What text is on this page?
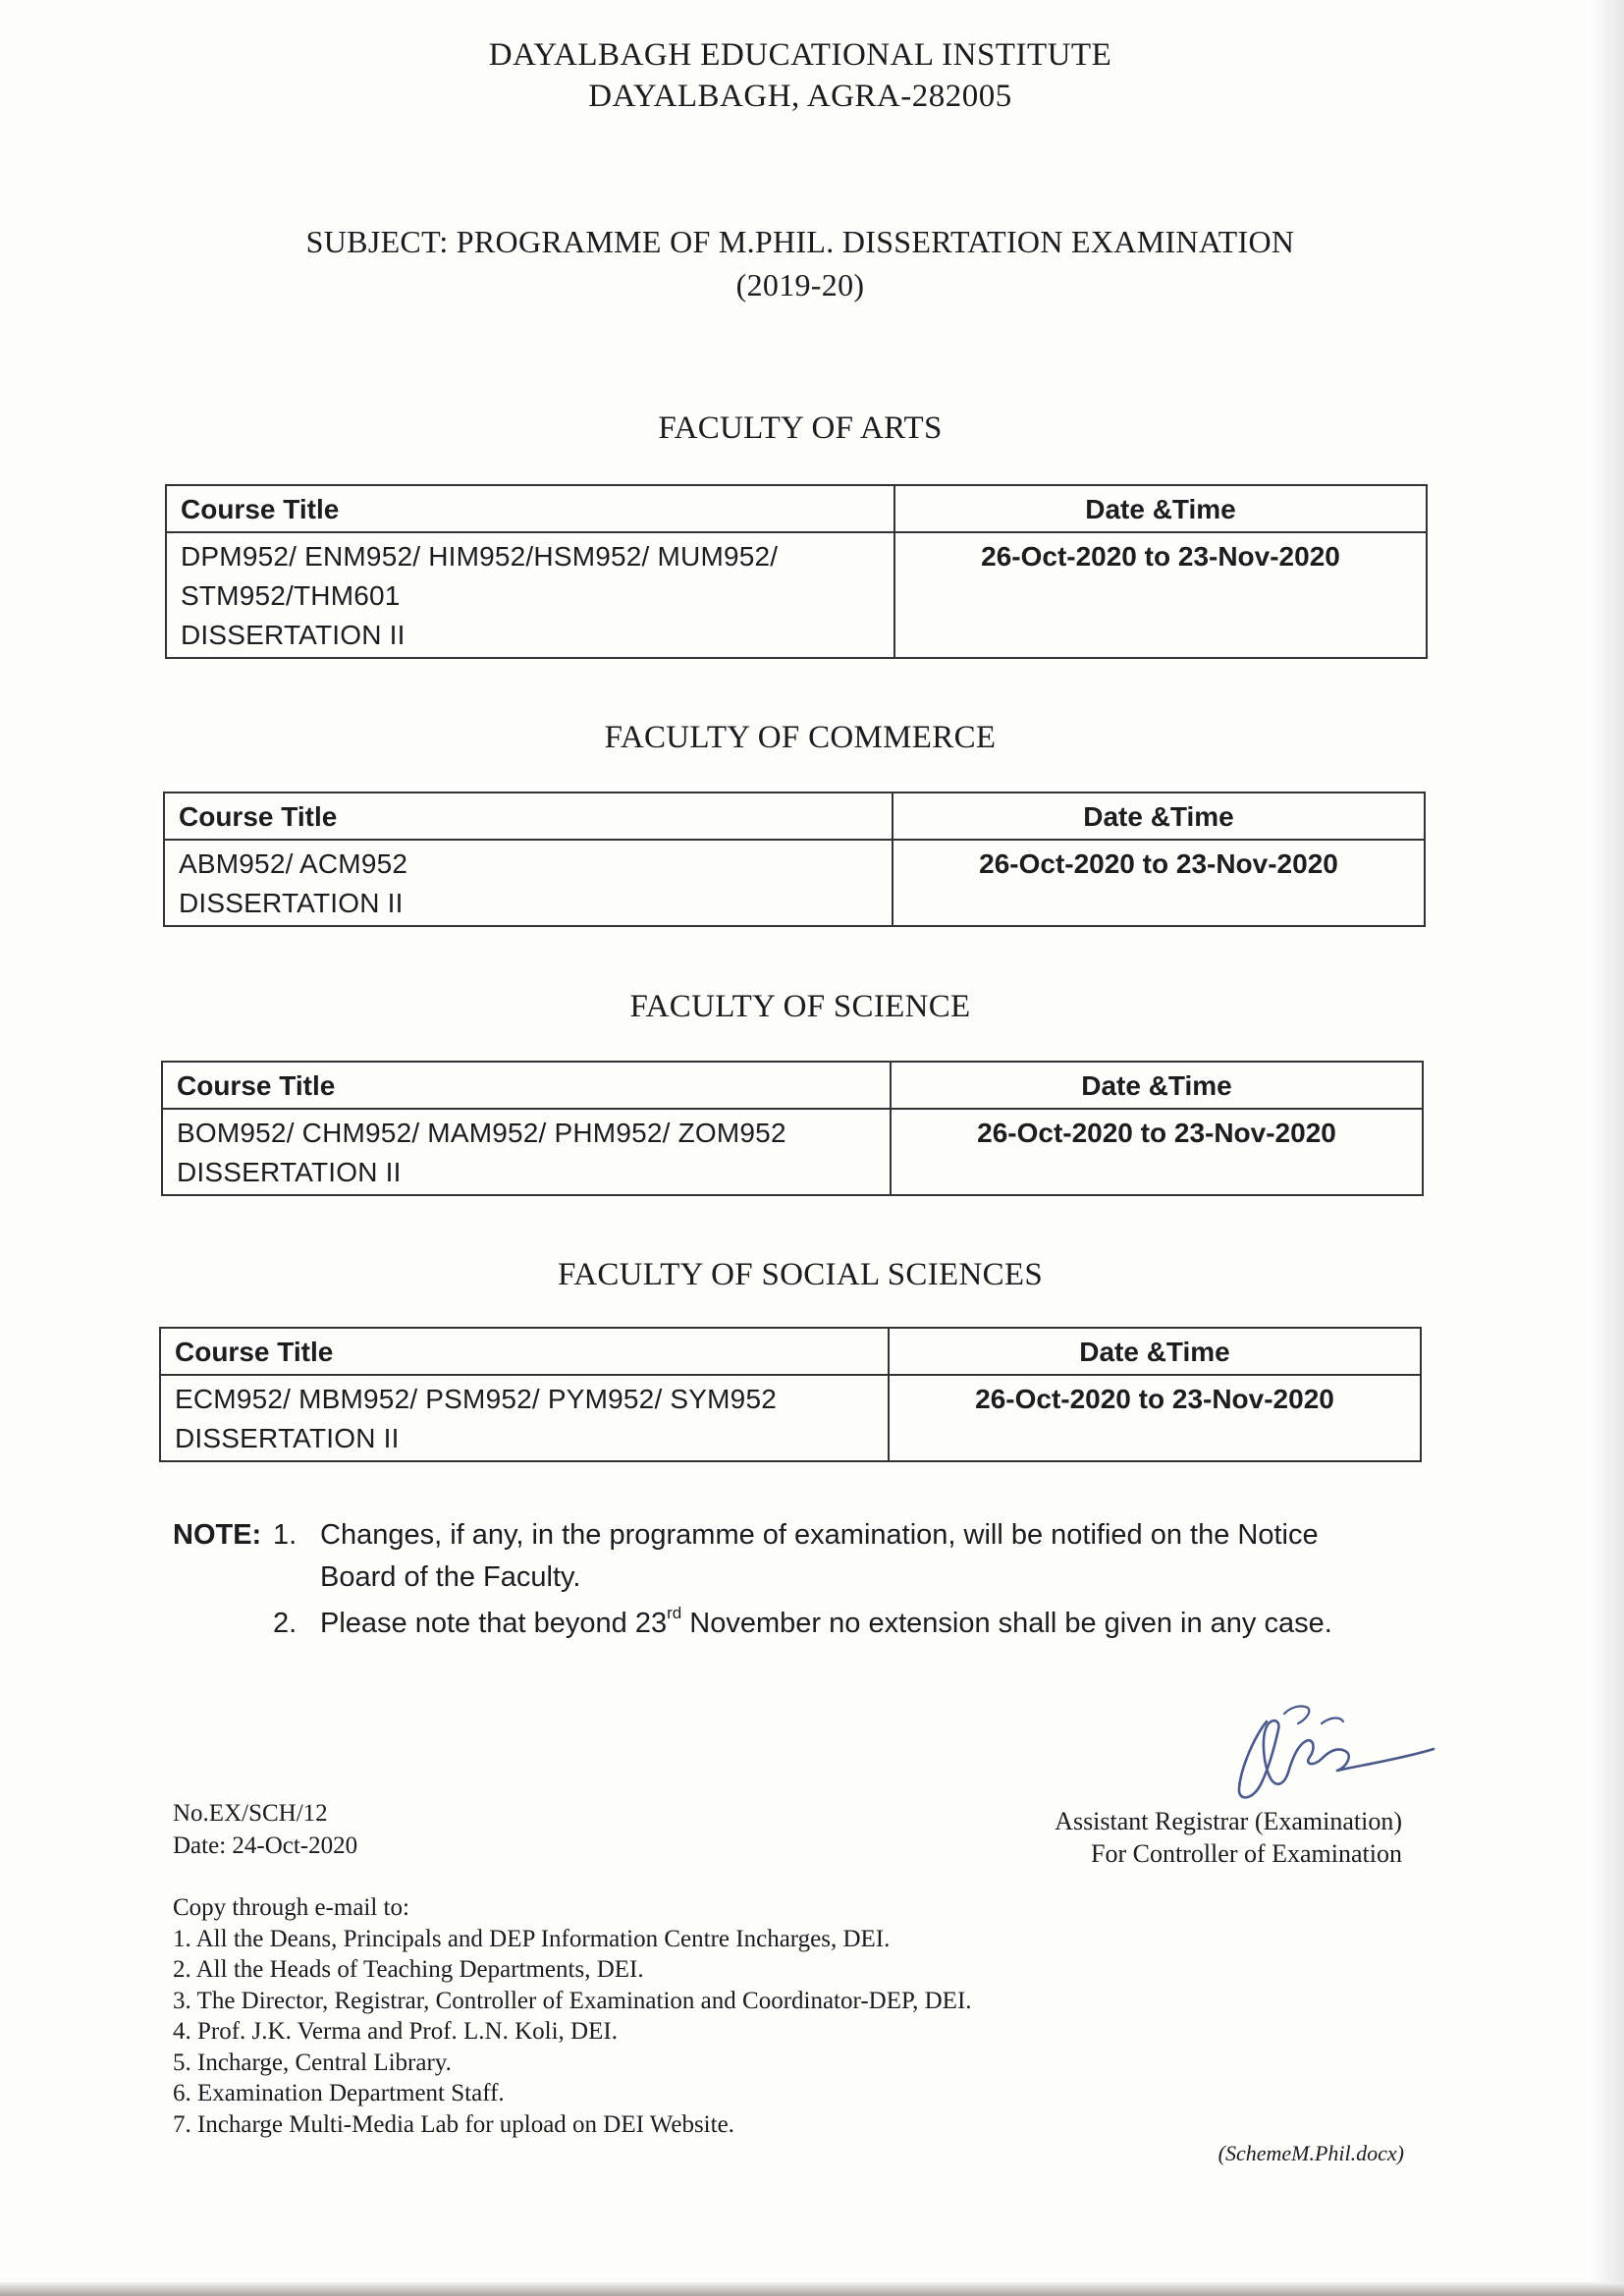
DAYALBAGH EDUCATIONAL INSTITUTE
DAYALBAGH, AGRA-282005
SUBJECT: PROGRAMME OF M.PHIL. DISSERTATION EXAMINATION
(2019-20)
FACULTY OF ARTS
Course Title	Date &Time

DPM952/ ENM952/ HIM952/HSM952/ MUM952/
STM952/THM601
DISSERTATION II	26-Oct-2020 to 23-Nov-2020
FACULTY OF COMMERCE
Course Title	Date &Time

ABM952/ ACM952
DISSERTATION II	26-Oct-2020 to 23-Nov-2020
FACULTY OF SCIENCE
Course Title	Date &Time

BOM952/ CHM952/ MAM952/ PHM952/ ZOM952
DISSERTATION II	26-Oct-2020 to 23-Nov-2020
FACULTY OF SOCIAL SCIENCES
Course Title	Date &Time

ECM952/ MBM952/ PSM952/ PYM952/ SYM952
DISSERTATION II	26-Oct-2020 to 23-Nov-2020
NOTE: 1. Changes, if any, in the programme of examination, will be notified on the Notice
Board of the Faculty.
2. Please note that beyond 23rd November no extension shall be given in any case.
No.EX/SCH/12
Date: 24-Oct-2020
Assistant Registrar (Examination)
For Controller of Examination
Copy through e-mail to:
1. All the Deans, Principals and DEP Information Centre Incharges, DEI.
2. All the Heads of Teaching Departments, DEI.
3. The Director, Registrar, Controller of Examination and Coordinator-DEP, DEI.
4. Prof. J.K. Verma and Prof. L.N. Koli, DEI.
5. Incharge, Central Library.
6. Examination Department Staff.
7. Incharge Multi-Media Lab for upload on DEI Website.
(SchemeM.Phil.docx)
